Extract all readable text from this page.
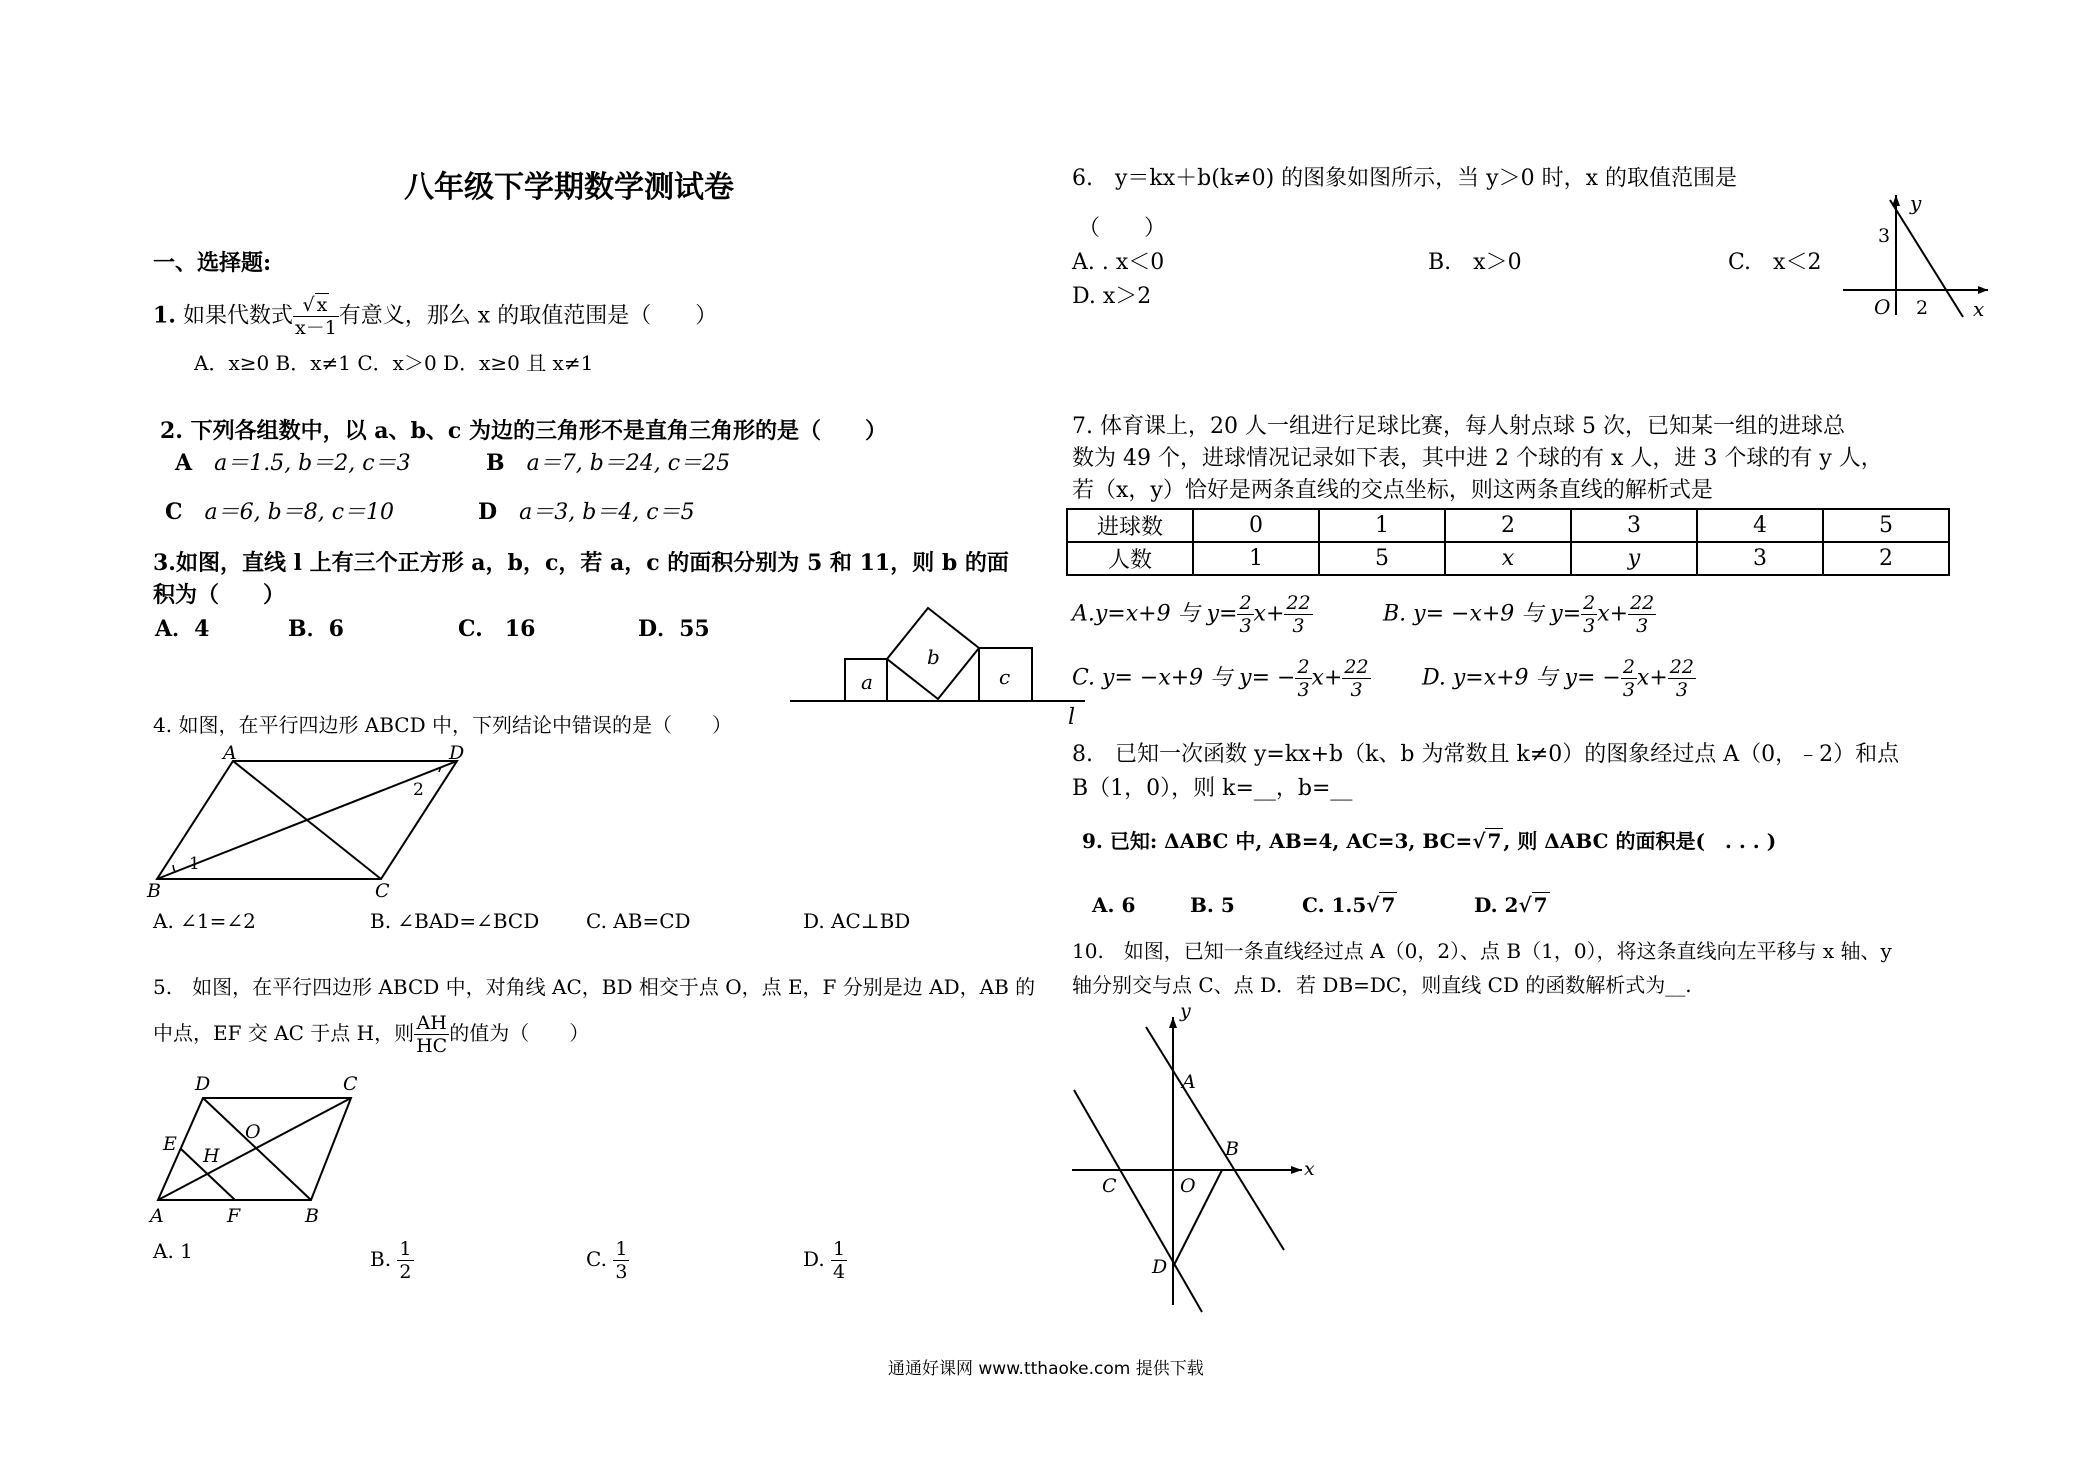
八年级下学期数学测试卷
一、选择题:
1. 如果代数式 $\frac{√ x}{x-1}$ 有意义，那么 x 的取值范围是（　　）
A．x≥0 B．x≠1 C．x＞0 D．x≥0 且 x≠1
2. 下列各组数中，以 a、b、c 为边的三角形不是直角三角形的是（　　）
A　 a＝1.5, b＝2, c＝3	B　 a＝7, b＝24, c＝25
C　 a＝6, b＝8, c＝10	D　 a＝3, b＝4, c＝5
3.如图，直线 l 上有三个正方形 a，b，c，若 a，c 的面积分别为 5 和 11，则 b 的面
积为（　　）
A．4	B．6	C.　16	D．55
a
b
c
l
4. 如图，在平行四边形 ABCD 中，下列结论中错误的是（　　）
A	D
B	C
1
2
A. ∠1=∠2	B. ∠BAD=∠BCD C. AB=CD	D. AC⊥BD
5.　如图，在平行四边形 ABCD 中，对角线 AC，BD 相交于点 O，点 E，F 分别是边 AD，AB 的
中点，EF 交 AC 于点 H，则 $\frac{AH}{HC}$ 的值为（　　）
D	C
E
H
O
A	F	B
A. 1	B. $\frac{1}{2}$	C. $\frac{1}{3}$	D. $\frac{1}{4}$
6.　y＝kx＋b(k≠0) 的图象如图所示，当 y＞0 时，x 的取值范围是
（　　）
A. . x＜0	B.　x＞0	C.　x＜2
D. x＞2
y
x
O
3
2
7. 体育课上，20 人一组进行足球比赛，每人射点球 5 次，已知某一组的进球总
数为 49 个，进球情况记录如下表，其中进 2 个球的有 x 人，进 3 个球的有 y 人，
若（x，y）恰好是两条直线的交点坐标，则这两条直线的解析式是
进球数	0	1	2	3	4	5
人数	1	5	x	y	3	2
A.y=x+9 与 $y= \frac{2}{3} x+ \frac{22}{3}$	B. y= −x+9 与 $y= \frac{2}{3} x+ \frac{22}{3}$
C. y= −x+9 与 $y= - \frac{2}{3} x+ \frac{22}{3} D$. y=x+9 与 $y= - \frac{2}{3} x+ \frac{22}{3}$
8.　已知一次函数 y=kx+b（k、b 为常数且 k≠0）的图象经过点 A（0，﹣2）和点
B（1，0），则 k=__，b=__
9. 已知: ΔABC 中, AB=4, AC=3, BC=√ 7 , 则 ΔABC 的面积是(　. . . )
A. 6	B. 5	C. 1.5√ 7	D. 2√ 7
10.　如图，已知一条直线经过点 A（0，2）、点 B（1，0），将这条直线向左平移与 x 轴、y
轴分别交与点 C、点 D．若 DB=DC，则直线 CD 的函数解析式为__.
y
x
A
B
C	O
D
通通好课网 www.tthaoke.com 提供下载
